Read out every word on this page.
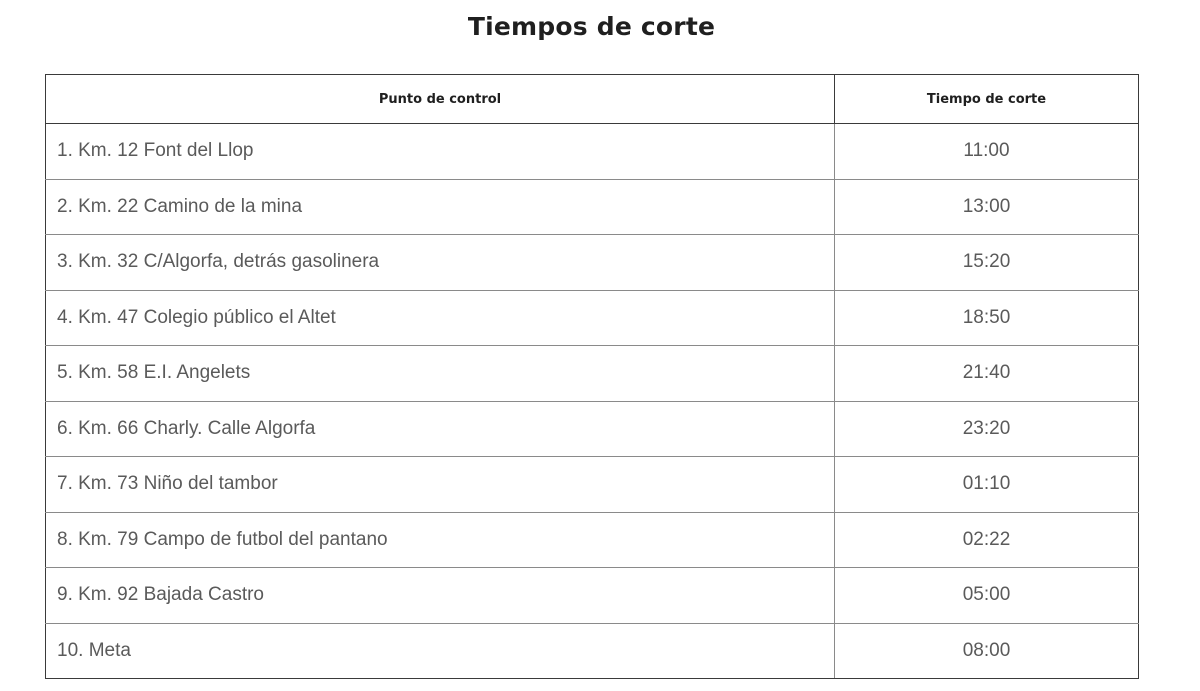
Tiempos de corte
Punto de control	Tiempo de corte
1. Km. 12 Font del Llop	11:00
2. Km. 22 Camino de la mina	13:00
3. Km. 32 C/Algorfa, detrás gasolinera	15:20
4. Km. 47 Colegio público el Altet	18:50
5. Km. 58 E.I. Angelets	21:40
6. Km. 66 Charly. Calle Algorfa	23:20
7. Km. 73 Niño del tambor	01:10
8. Km. 79 Campo de futbol del pantano	02:22
9. Km. 92 Bajada Castro	05:00
10. Meta	08:00
